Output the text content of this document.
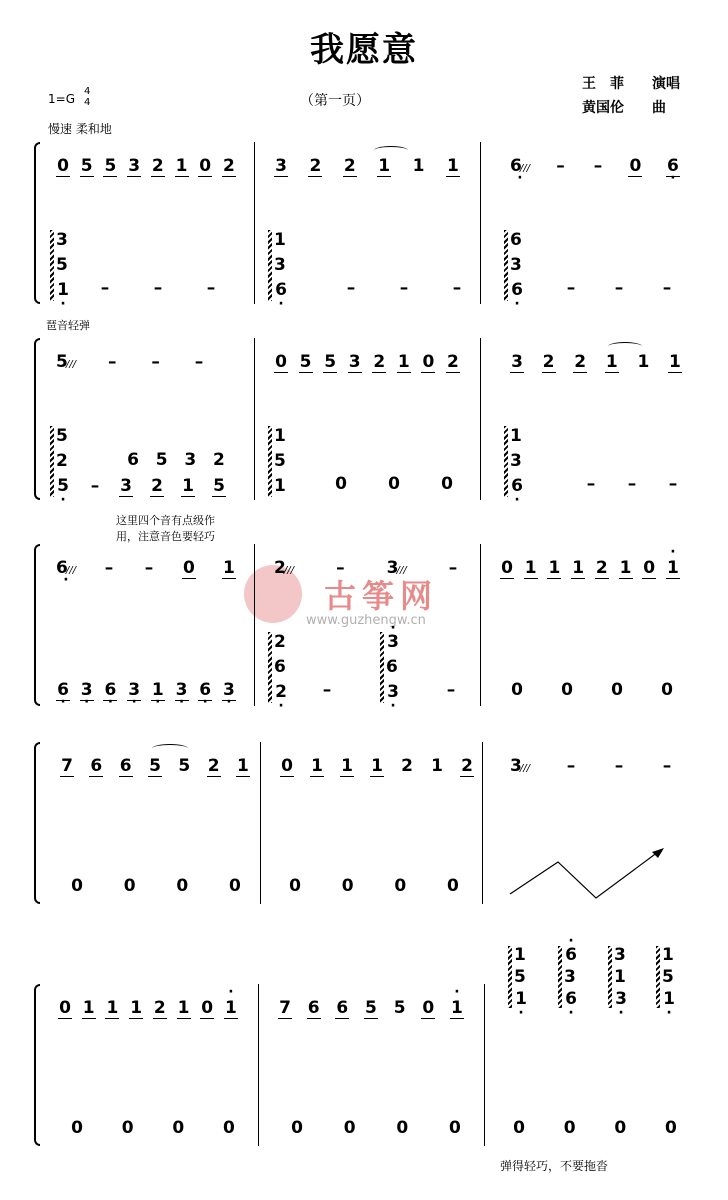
我愿意
（第一页）
王　菲　　演唱
黄国伦　　曲
1=G
4
4
慢速 柔和地
0 5 5 3 2 1 0 2 3 2 2 1 1 1	6/// · – – 0 6 ·
3
5
1 · –	–	–
1
3
6 ·	–	–	–
6
3
6 ·	– – –
琶音轻弹
5/// – – –	0 5 5 3 2 1 0 2	3 2 2 1 1 1
5
2
5 ·
6 5 3 2
– 3 2 1 5
1
5
1	0 0 0
1
3
6 ·	– – –
这里四个音有点级作
用，注意音色要轻巧
古筝网
www.guzhengw.cn
6/// · – – 0 1 2/// – 3/// –	0 1 1 1 2 1 0 · 1
6 · 3 · 6 · 3 · 1 · 3 · 6 · 3 ·
2
6
2 · –
· 3
6
3 ·	–	0 0 0 0
7 6 6 5 5 2 1 0 1 1 1 2 1 2 3/// – – –
0 0 0 0	0 0 0 0
0 1 1 1 2 1 0 · 1 7 6 6 5 5 0 · 1
0 0 0 0	0 0 0 0	0 0 0 0
1
5
1 ·
· 6
3
6 ·
3
1
3 ·
1
5
1 ·
弹得轻巧，不要拖沓
